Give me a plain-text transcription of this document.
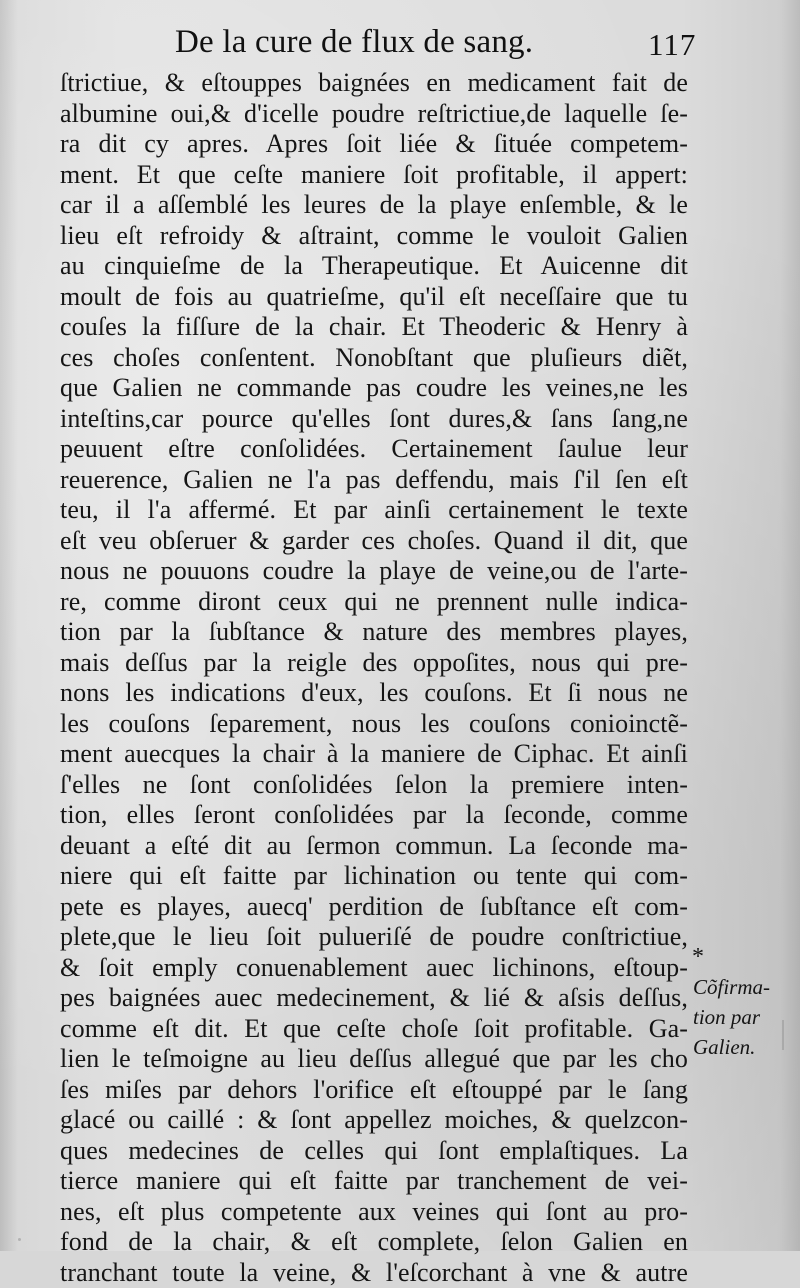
De la cure de flux de sang.	117
ſtrictiue, & eſtouppes baignées en medicament fait de
albumine oui,& d'icelle poudre reſtrictiue,de laquelle ſe-
ra dit cy apres. Apres ſoit liée & ſituée competem-
ment. Et que ceſte maniere ſoit profitable, il appert:
car il a aſſemblé les leures de la playe enſemble, & le
lieu eſt refroidy & aſtraint, comme le vouloit Galien
au cinquieſme de la Therapeutique. Et Auicenne dit
moult de fois au quatrieſme, qu'il eſt neceſſaire que tu
couſes la fiſſure de la chair. Et Theoderic & Henry à
ces choſes conſentent. Nonobſtant que pluſieurs diẽt,
que Galien ne commande pas coudre les veines,ne les
inteſtins,car pource qu'elles ſont dures,& ſans ſang,ne
peuuent eſtre conſolidées. Certainement ſaulue leur
reuerence, Galien ne l'a pas deffendu, mais ſ'il ſen eſt
teu, il l'a affermé. Et par ainſi certainement le texte
eſt veu obſeruer & garder ces choſes. Quand il dit, que
nous ne pouuons coudre la playe de veine,ou de l'arte-
re, comme diront ceux qui ne prennent nulle indica-
tion par la ſubſtance & nature des membres playes,
mais deſſus par la reigle des oppoſites, nous qui pre-
nons les indications d'eux, les couſons. Et ſi nous ne
les couſons ſeparement, nous les couſons conioinctẽ-
ment auecques la chair à la maniere de Ciphac. Et ainſi
ſ'elles ne ſont conſolidées ſelon la premiere inten-
tion, elles ſeront conſolidées par la ſeconde, comme
deuant a eſté dit au ſermon commun. La ſeconde ma-
niere qui eſt faitte par lichination ou tente qui com-
pete es playes, auecq' perdition de ſubſtance eſt com-
plete,que le lieu ſoit pulueriſé de poudre conſtrictiue,
& ſoit emply conuenablement auec lichinons, eſtoup-
pes baignées auec medecinement, & lié & aſsis deſſus,
comme eſt dit. Et que ceſte choſe ſoit profitable. Ga-
lien le teſmoigne au lieu deſſus allegué que par les cho
ſes miſes par dehors l'orifice eſt eſtouppé par le ſang
glacé ou caillé : & ſont appellez moiches, & quelzcon-
ques medecines de celles qui ſont emplaſtiques. La
tierce maniere qui eſt faitte par tranchement de vei-
nes, eſt plus competente aux veines qui ſont au pro-
fond de la chair, & eſt complete, ſelon Galien en
tranchant toute la veine, & l'eſcorchant à vne & autre
*
Cõfirma-
tion par
Galien.
